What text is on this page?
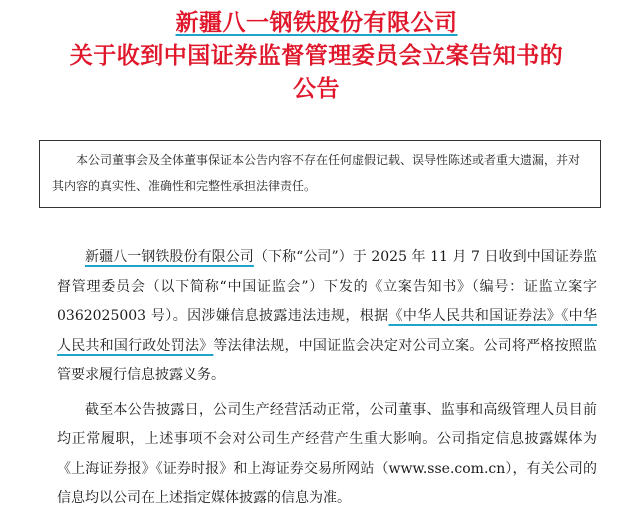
新疆八一钢铁股份有限公司
关于收到中国证券监督管理委员会立案告知书的
公告

本公司董事会及全体董事保证本公告内容不存在任何虚假记载、误导性陈述或者重大遗漏，并对其内容的真实性、准确性和完整性承担法律责任。

新疆八一钢铁股份有限公司（下称“公司”）于 2025 年 11 月 7 日收到中国证券监督管理委员会（以下简称“中国证监会”）下发的《立案告知书》（编号：证监立案字 0362025003 号）。因涉嫌信息披露违法违规，根据《中华人民共和国证券法》《中华人民共和国行政处罚法》等法律法规，中国证监会决定对公司立案。公司将严格按照监管要求履行信息披露义务。

截至本公告披露日，公司生产经营活动正常，公司董事、监事和高级管理人员目前均正常履职，上述事项不会对公司生产经营产生重大影响。公司指定信息披露媒体为《上海证券报》《证券时报》和上海证券交易所网站（www.sse.com.cn），有关公司的信息均以公司在上述指定媒体披露的信息为准。
